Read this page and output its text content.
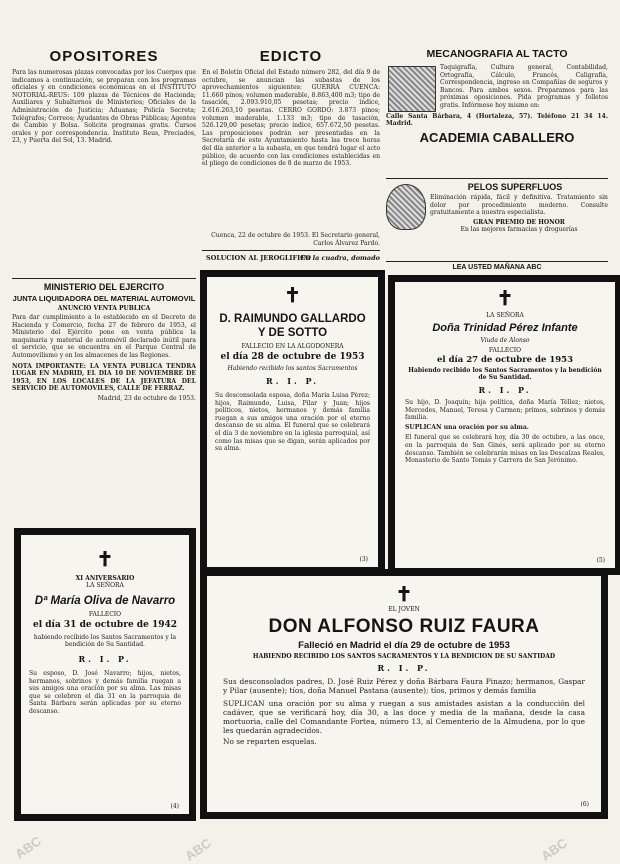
ABC	ABC	ABC
OPOSITORES
Para las numerosas plazas convocadas por los Cuerpos que indicamos a continuación, se preparan con los programas oficiales y en condiciones económicas en el INSTITUTO NOTORIAL-REUS: 109 plazas de Técnicos de Hacienda; Auxiliares y Subalternos de Ministerios; Oficiales de la Administración de Justicia; Aduanas; Policía Secreta; Telégrafos; Correos; Ayudantes de Obras Públicas; Agentes de Cambio y Bolsa. Solicite programas gratis. Cursos orales y por correspondencia. Instituto Reus, Preciados, 23, y Puerta del Sol, 13. Madrid.
MINISTERIO DEL EJERCITO
JUNTA LIQUIDADORA DEL MATERIAL AUTOMOVIL
ANUNCIO VENTA PUBLICA
Para dar cumplimiento a lo establecido en el Decreto de Hacienda y Comercio, fecha 27 de febrero de 1953, el Ministerio del Ejército pone en venta pública la maquinaria y material de automóvil declarado inútil para el servicio, que se encuentra en el Parque Central de Automovilismo y en los almacenes de las Regiones.
NOTA IMPORTANTE: LA VENTA PUBLICA TENDRA LUGAR EN MADRID, EL DIA 10 DE NOVIEMBRE DE 1953, EN LOS LOCALES DE LA JEFATURA DEL SERVICIO DE AUTOMOVILES, CALLE DE FERRAZ.
Madrid, 23 de octubre de 1953.
✝
XI ANIVERSARIO
LA SEÑORA
Dª María Oliva de Navarro
FALLECIO
el día 31 de octubre de 1942
habiendo recibido los Santos Sacramentos y la bendición de Su Santidad.
R. I. P.
Su esposo, D. José Navarro; hijos, nietos, hermanos, sobrinos y demás familia ruegan a sus amigos una oración por su alma. Las misas que se celebren el día 31 en la parroquia de Santa Bárbara serán aplicadas por su eterno descanso.
(4)
EDICTO
En el Boletín Oficial del Estado número 282, del día 9 de octubre, se anuncian las subastas de los aprovechamientos siguientes: GUERRA CUENCA: 11.660 pinos; volumen maderable, 8.863,400 m3; tipo de tasación, 2.093.910,05 pesetas; precio índice, 2.616.263,10 pesetas. CERRO GORDO: 3.873 pinos; volumen maderable, 1.133 m3; tipo de tasación, 526.129,00 pesetas; precio índice, 657.672,50 pesetas. Las proposiciones podrán ser presentadas en la Secretaría de este Ayuntamiento hasta las trece horas del día anterior a la subasta, en que tendrá lugar el acto público, de acuerdo con las condiciones establecidas en el pliego de condiciones de 8 de marzo de 1953.
Cuenca, 22 de octubre de 1953. El Secretario general, Carlos Álvarez Pardo.
SOLUCION AL JEROGLIFICO
En la cuadra, domado
✝
D. RAIMUNDO GALLARDO
Y DE SOTTO
FALLECIO EN LA ALGODONERA
el día 28 de octubre de 1953
Habiendo recibido los santos Sacramentos
R. I. P.
Su desconsolada esposa, doña María Luisa Pérez; hijos, Raimundo, Luisa, Pilar y Juan; hijos políticos, nietos, hermanos y demás familia ruegan a sus amigos una oración por el eterno descanso de su alma. El funeral que se celebrará el día 3 de noviembre en la iglesia parroquial, así como las misas que se digan, serán aplicados por su alma.
(3)
MECANOGRAFIA AL TACTO
Taquigrafía, Cultura general, Contabilidad, Ortografía, Cálculo, Francés, Caligrafía, Correspondencia, ingreso en Compañías de seguros y Bancos. Para ambos sexos. Preparamos para las próximas oposiciones. Pida programas y folletos gratis. Infórmese hoy mismo en:
Calle Santa Bárbara, 4 (Hortaleza, 57). Teléfono 21 34 14. Madrid.
ACADEMIA CABALLERO
PELOS SUPERFLUOS
Eliminación rápida, fácil y definitiva. Tratamiento sin dolor por procedimiento moderno. Consulte gratuitamente a nuestra especialista.
GRAN PREMIO DE HONOR
En las mejores farmacias y droguerías
LEA USTED MAÑANA ABC
✝
LA SEÑORA
Doña Trinidad Pérez Infante
Viuda de Alonso
FALLECIO
el día 27 de octubre de 1953
Habiendo recibido los Santos Sacramentos y la bendición de Su Santidad.
R. I. P.
Su hijo, D. Joaquín; hija política, doña María Téllez; nietos, Mercedes, Manuel, Teresa y Carmen; primos, sobrinos y demás familia.
SUPLICAN una oración por su alma.
El funeral que se celebrará hoy, día 30 de octubre, a las once, en la parroquia de San Ginés, será aplicado por su eterno descanso. También se celebrarán misas en las Descalzas Reales, Monasterio de Santo Tomás y Carrera de San Jerónimo.
(5)
✝
EL JOVEN
DON ALFONSO RUIZ FAURA
Falleció en Madrid el día 29 de octubre de 1953
HABIENDO RECIBIDO LOS SANTOS SACRAMENTOS Y LA BENDICION DE SU SANTIDAD
R. I. P.
Sus desconsolados padres, D. José Ruiz Pérez y doña Bárbara Faura Pinazo; hermanos, Gaspar y Pilar (ausente); tíos, doña Manuel Pastana (ausente); tíos, primos y demás familia
SUPLICAN una oración por su alma y ruegan a sus amistades asistan a la conducción del cadáver, que se verificará hoy, día 30, a las doce y media de la mañana, desde la casa mortuoria, calle del Comandante Fortea, número 13, al Cementerio de la Almudena, por lo que les quedarán agradecidos.
No se reparten esquelas.
(6)
